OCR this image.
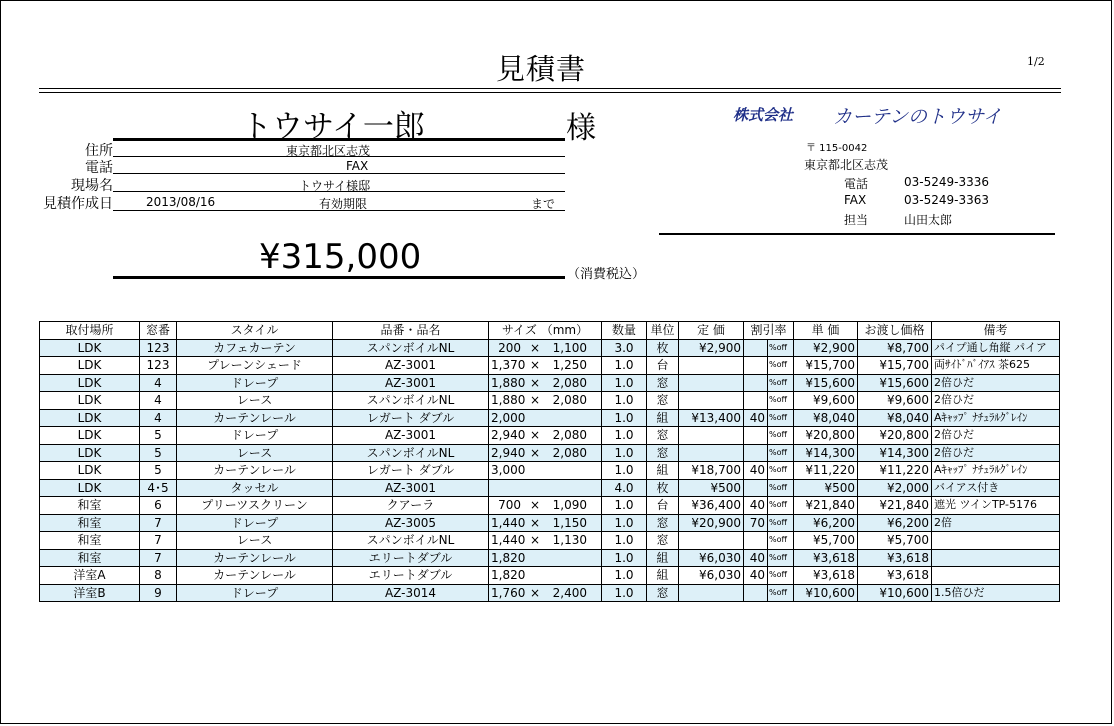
見積書	1/2
トウサイ一郎	様
住所	東京都北区志茂
電話	FAX
現場名	トウサイ様邸
見積作成日	2013/08/16	有効期限	まで
株式会社 カーテンのトウサイ
〒 115-0042
東京都北区志茂
電話	03-5249-3336
FAX	03-5249-3363
担当	山田太郎
¥315,000	（消費税込）
取付場所	窓番	スタイル	品番・品名	サイズ （mm）	数量	単位	定 価	割引率		単 価	お渡し価格	備考
LDK	123	カフェカーテン	スパンボイルNL	200 × 1,100	3.0	枚	¥2,900		%off	¥2,900	¥8,700	パイプ通し角縦 パイア
LDK	123	プレーンシェード	AZ-3001	1,370 × 1,250	1.0	台			%off	¥15,700	¥15,700	両ｻｲﾄﾞﾊﾞｲｱｽ 茶625
LDK	4	ドレープ	AZ-3001	1,880 × 2,080	1.0	窓			%off	¥15,600	¥15,600	2倍ひだ
LDK	4	レース	スパンボイルNL	1,880 × 2,080	1.0	窓			%off	¥9,600	¥9,600	2倍ひだ
LDK	4	カーテンレール	レガート ダブル	2,000	1.0	組	¥13,400	40	%off	¥8,040	¥8,040	Aｷｬｯﾌﾟ ﾅﾁｭﾗﾙｸﾞﾚｲﾝ
LDK	5	ドレープ	AZ-3001	2,940 × 2,080	1.0	窓			%off	¥20,800	¥20,800	2倍ひだ
LDK	5	レース	スパンボイルNL	2,940 × 2,080	1.0	窓			%off	¥14,300	¥14,300	2倍ひだ
LDK	5	カーテンレール	レガート ダブル	3,000	1.0	組	¥18,700	40	%off	¥11,220	¥11,220	Aｷｬｯﾌﾟ ﾅﾁｭﾗﾙｸﾞﾚｲﾝ
LDK	4･5	タッセル	AZ-3001		4.0	枚	¥500		%off	¥500	¥2,000	バイアス付き
和室	6	プリーツスクリーン	クアーラ	700 × 1,090	1.0	台	¥36,400	40	%off	¥21,840	¥21,840	遮光 ツインTP-5176
和室	7	ドレープ	AZ-3005	1,440 × 1,150	1.0	窓	¥20,900	70	%off	¥6,200	¥6,200	2倍
和室	7	レース	スパンボイルNL	1,440 × 1,130	1.0	窓			%off	¥5,700	¥5,700	
和室	7	カーテンレール	エリートダブル	1,820	1.0	組	¥6,030	40	%off	¥3,618	¥3,618	
洋室A	8	カーテンレール	エリートダブル	1,820	1.0	組	¥6,030	40	%off	¥3,618	¥3,618	
洋室B	9	ドレープ	AZ-3014	1,760 × 2,400	1.0	窓			%off	¥10,600	¥10,600	1.5倍ひだ
